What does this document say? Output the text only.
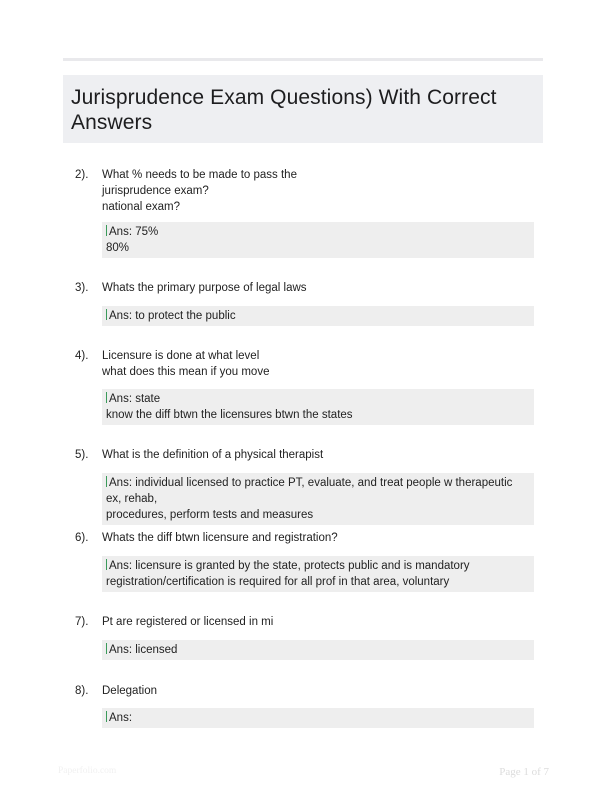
Jurisprudence Exam Questions) With Correct
Answers
2). What % needs to be made to pass the
jurisprudence exam?
national exam?
Ans: 75%
80%
3). Whats the primary purpose of legal laws
Ans: to protect the public
4). Licensure is done at what level
what does this mean if you move
Ans: state
know the diff btwn the licensures btwn the states
5). What is the definition of a physical therapist
Ans: individual licensed to practice PT, evaluate, and treat people w therapeutic ex, rehab,
procedures, perform tests and measures
6). Whats the diff btwn licensure and registration?
Ans: licensure is granted by the state, protects public and is mandatory
registration/certification is required for all prof in that area, voluntary
7). Pt are registered or licensed in mi
Ans: licensed
8). Delegation
Ans:
Paperfolio.com	Page 1 of 7
